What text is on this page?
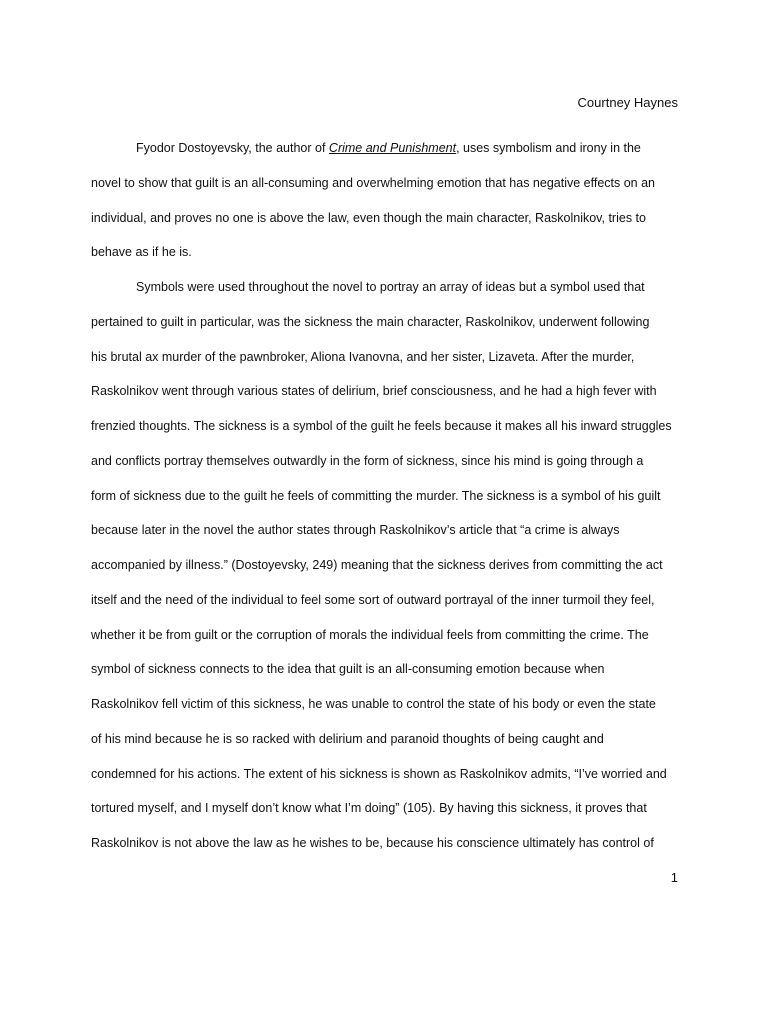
Courtney Haynes
Fyodor Dostoyevsky, the author of Crime and Punishment, uses symbolism and irony in the
novel to show that guilt is an all-consuming and overwhelming emotion that has negative effects on an
individual, and proves no one is above the law, even though the main character, Raskolnikov, tries to
behave as if he is.
Symbols were used throughout the novel to portray an array of ideas but a symbol used that
pertained to guilt in particular, was the sickness the main character, Raskolnikov, underwent following
his brutal ax murder of the pawnbroker, Aliona Ivanovna, and her sister, Lizaveta. After the murder,
Raskolnikov went through various states of delirium, brief consciousness, and he had a high fever with
frenzied thoughts. The sickness is a symbol of the guilt he feels because it makes all his inward struggles
and conflicts portray themselves outwardly in the form of sickness, since his mind is going through a
form of sickness due to the guilt he feels of committing the murder. The sickness is a symbol of his guilt
because later in the novel the author states through Raskolnikov’s article that “a crime is always
accompanied by illness.” (Dostoyevsky, 249) meaning that the sickness derives from committing the act
itself and the need of the individual to feel some sort of outward portrayal of the inner turmoil they feel,
whether it be from guilt or the corruption of morals the individual feels from committing the crime. The
symbol of sickness connects to the idea that guilt is an all-consuming emotion because when
Raskolnikov fell victim of this sickness, he was unable to control the state of his body or even the state
of his mind because he is so racked with delirium and paranoid thoughts of being caught and
condemned for his actions. The extent of his sickness is shown as Raskolnikov admits, “I’ve worried and
tortured myself, and I myself don’t know what I’m doing” (105). By having this sickness, it proves that
Raskolnikov is not above the law as he wishes to be, because his conscience ultimately has control of
1
